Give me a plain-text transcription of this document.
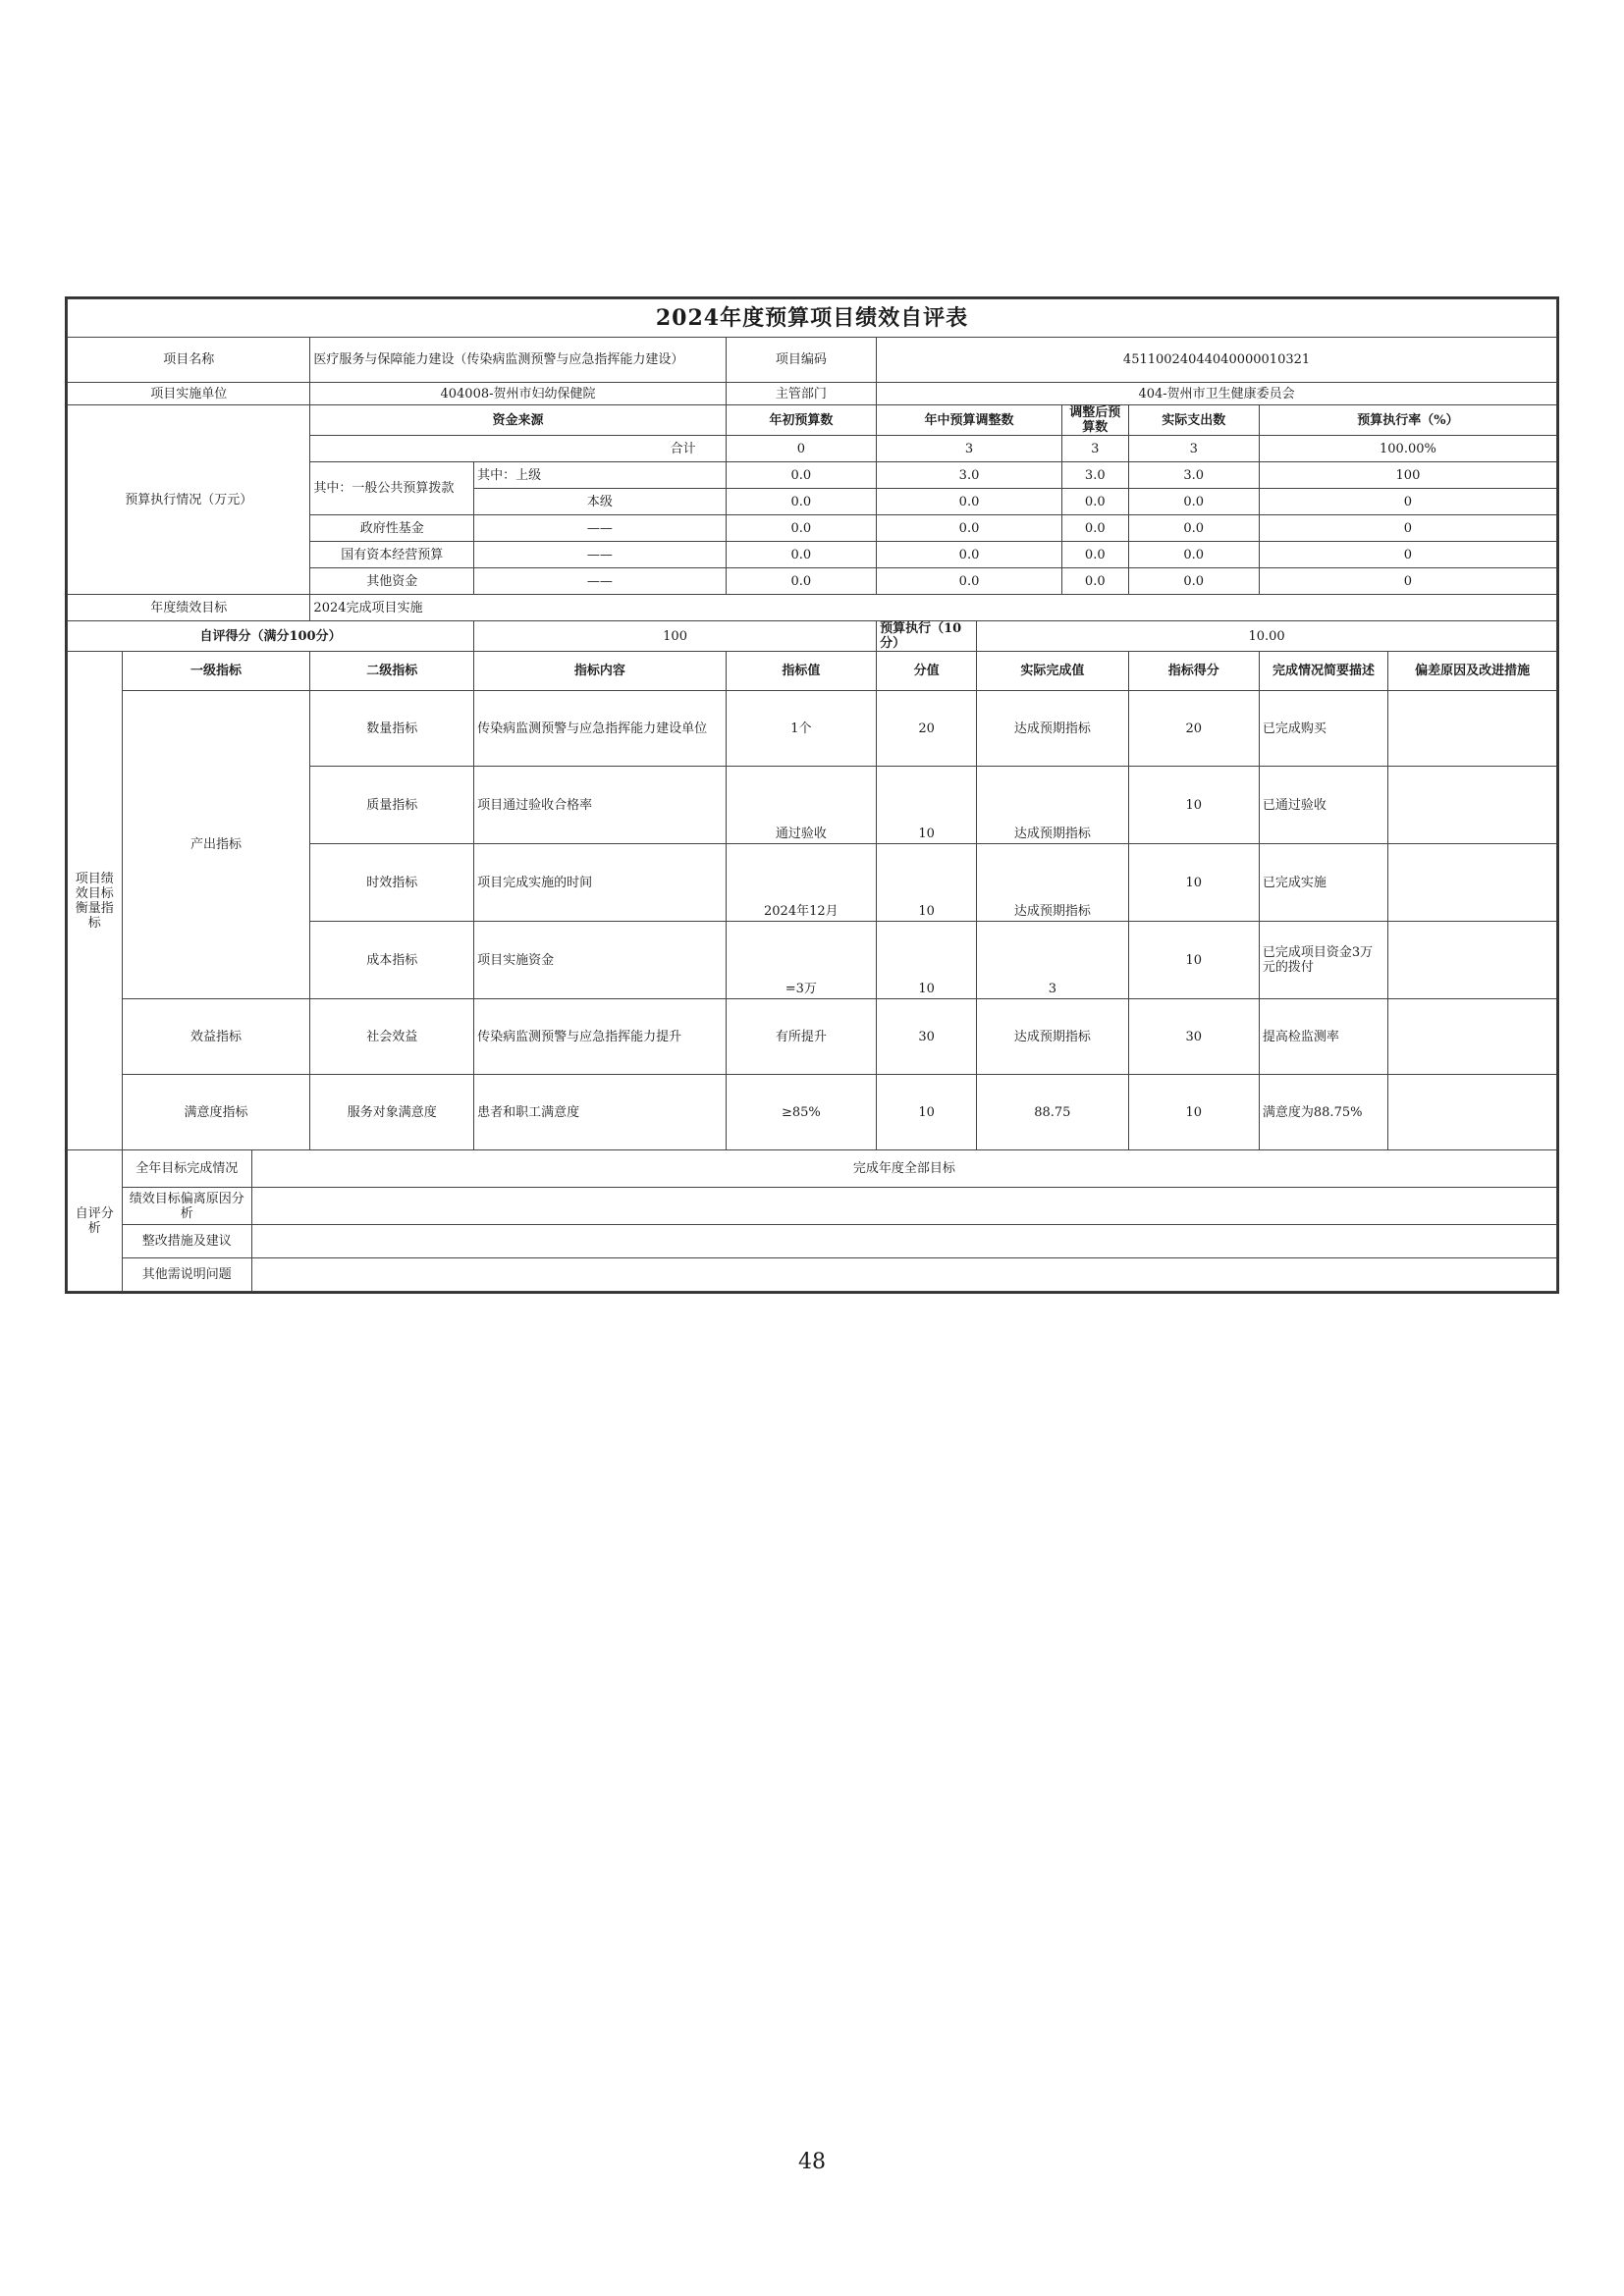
2024年度预算项目绩效自评表											
项目名称			医疗服务与保障能力建设（传染病监测预警与应急指挥能力建设）		项目编码	45110024044040000010321					
项目实施单位			404008-贺州市妇幼保健院		主管部门	404-贺州市卫生健康委员会					
预算执行情况（万元）			资金来源		年初预算数	年中预算调整数		调整后预算数	实际支出数	预算执行率（%）	
			合计		0	3		3	3	100.00%	
			其中：一般公共预算拨款	其中：上级	0.0	3.0		3.0	3.0	100	
				本级	0.0	0.0		0.0	0.0	0	
			政府性基金	——	0.0	0.0		0.0	0.0	0	
			国有资本经营预算	——	0.0	0.0		0.0	0.0	0	
			其他资金	——	0.0	0.0		0.0	0.0	0	
年度绩效目标			2024完成项目实施								
自评得分（满分100分）				100		预算执行（10分）	10.00				
项目绩效目标衡量指标	一级指标		二级指标	指标内容	指标值	分值	实际完成值		指标得分	完成情况简要描述	偏差原因及改进措施
	产出指标		数量指标	传染病监测预警与应急指挥能力建设单位	1个	20	达成预期指标		20	已完成购买	
			质量指标	项目通过验收合格率	通过验收	10	达成预期指标		10	已通过验收	
			时效指标	项目完成实施的时间	2024年12月	10	达成预期指标		10	已完成实施	
			成本指标	项目实施资金	=3万	10	3		10	已完成项目资金3万元的拨付	
	效益指标		社会效益	传染病监测预警与应急指挥能力提升	有所提升	30	达成预期指标		30	提高检监测率	
	满意度指标		服务对象满意度	患者和职工满意度	≥85%	10	88.75		10	满意度为88.75%	
自评分析	全年目标完成情况	完成年度全部目标									
	绩效目标偏离原因分析										
	整改措施及建议										
	其他需说明问题										
48
